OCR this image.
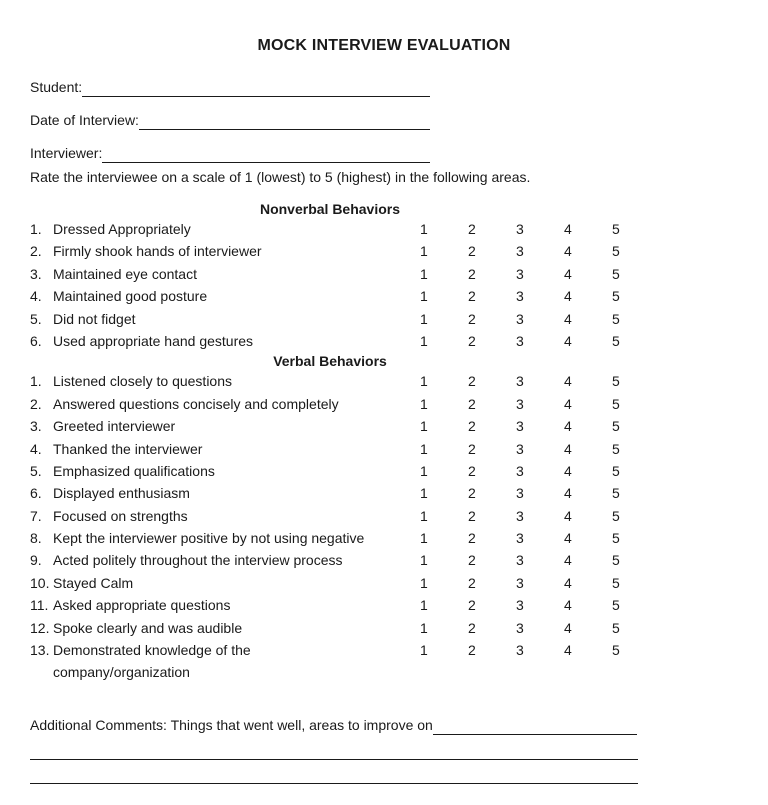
MOCK INTERVIEW EVALUATION
Student:
Date of Interview:
Interviewer:
Rate the interviewee on a scale of 1 (lowest) to 5 (highest) in the following areas.
Nonverbal Behaviors
1. Dressed Appropriately	1	2	3	4	5
2. Firmly shook hands of interviewer	1	2	3	4	5
3. Maintained eye contact	1	2	3	4	5
4. Maintained good posture	1	2	3	4	5
5. Did not fidget	1	2	3	4	5
6. Used appropriate hand gestures	1	2	3	4	5
Verbal Behaviors
1. Listened closely to questions	1	2	3	4	5
2. Answered questions concisely and completely	1	2	3	4	5
3. Greeted interviewer	1	2	3	4	5
4. Thanked the interviewer	1	2	3	4	5
5. Emphasized qualifications	1	2	3	4	5
6. Displayed enthusiasm	1	2	3	4	5
7. Focused on strengths	1	2	3	4	5
8. Kept the interviewer positive by not using negative	1	2	3	4	5
9. Acted politely throughout the interview process	1	2	3	4	5
10. Stayed Calm	1	2	3	4	5
11. Asked appropriate questions	1	2	3	4	5
12. Spoke clearly and was audible	1	2	3	4	5
13. Demonstrated knowledge of the	1	2	3	4	5
company/organization
Additional Comments: Things that went well, areas to improve on
